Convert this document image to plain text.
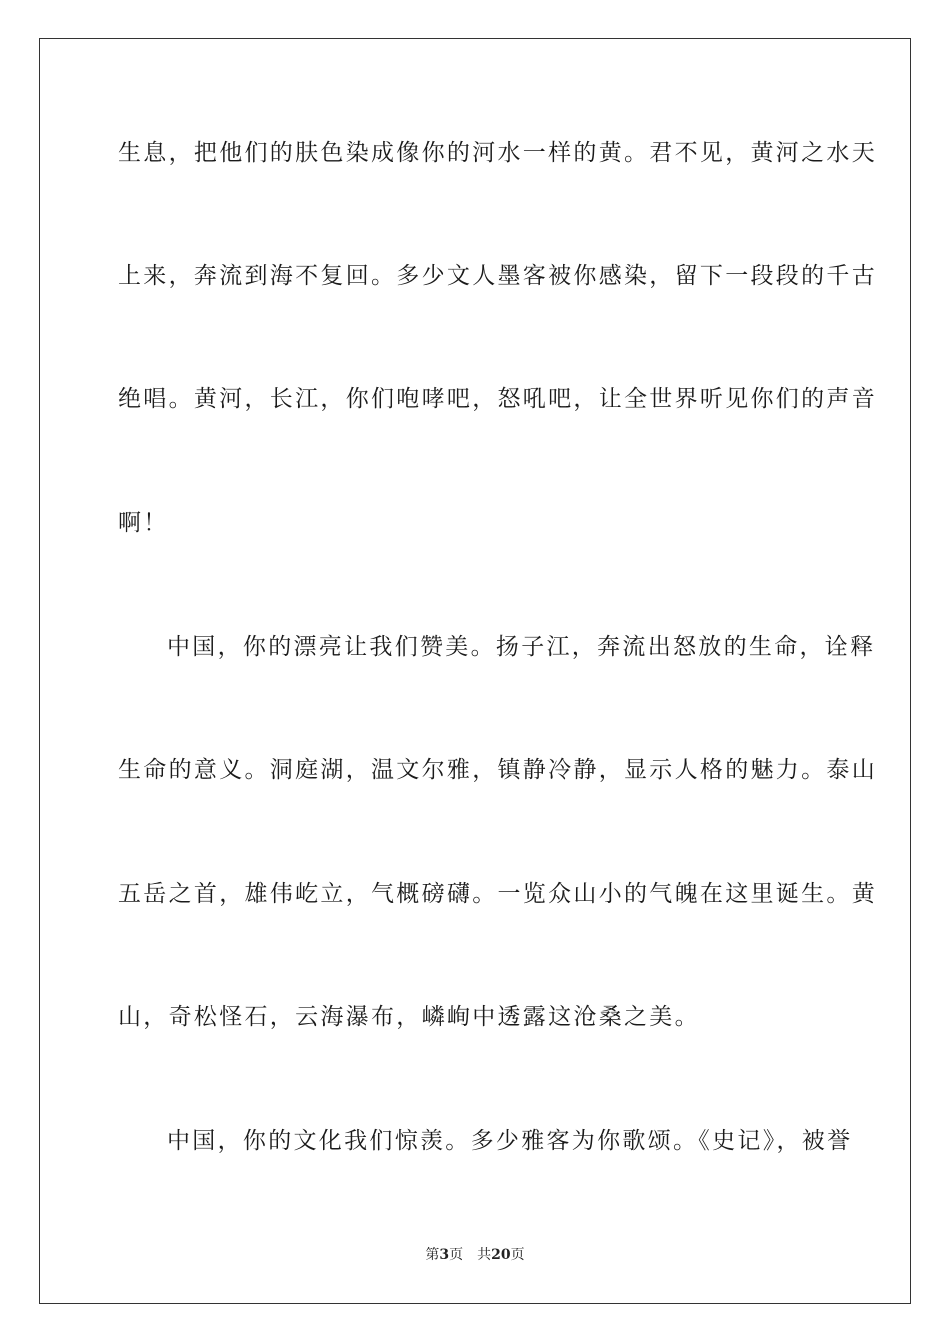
生息，把他们的肤色染成像你的河水一样的黄。君不见，黄河之水天
上来，奔流到海不复回。多少文人墨客被你感染，留下一段段的千古
绝唱。黄河，长江，你们咆哮吧，怒吼吧，让全世界听见你们的声音
啊！
中国，你的漂亮让我们赞美。扬子江，奔流出怒放的生命，诠释
生命的意义。洞庭湖，温文尔雅，镇静冷静，显示人格的魅力。泰山
五岳之首，雄伟屹立，气概磅礴。一览众山小的气魄在这里诞生。黄
山，奇松怪石，云海瀑布，嶙峋中透露这沧桑之美。
中国，你的文化我们惊羡。多少雅客为你歌颂。《史记》，被誉
第3页 共20页
